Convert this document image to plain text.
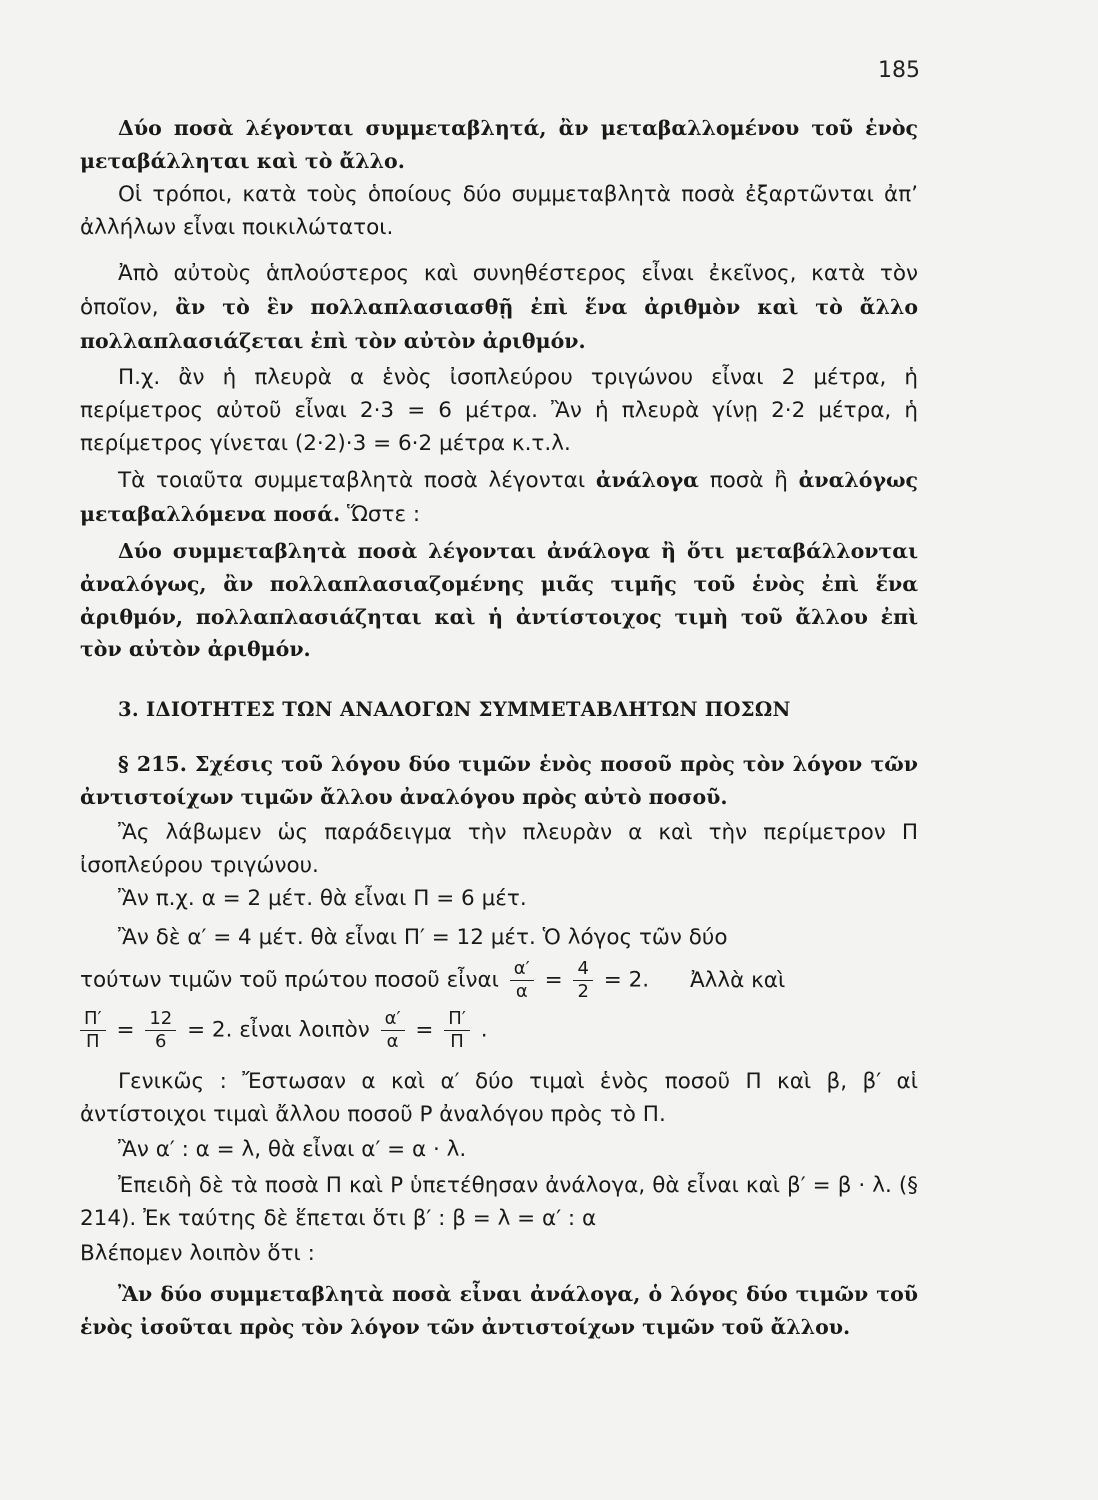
185
Δύο ποσὰ λέγονται συμμεταβλητά, ἂν μεταβαλλομένου τοῦ ἑνὸς μεταβάλληται καὶ τὸ ἄλλο.
Οἱ τρόποι, κατὰ τοὺς ὁποίους δύο συμμεταβλητὰ ποσὰ ἐξαρτῶνται ἀπ’ ἀλλήλων εἶναι ποικιλώτατοι.
Ἀπὸ αὐτοὺς ἁπλούστερος καὶ συνηθέστερος εἶναι ἐκεῖνος, κατὰ τὸν ὁποῖον, ἂν τὸ ἓν πολλαπλασιασθῇ ἐπὶ ἕνα ἀριθμὸν καὶ τὸ ἄλλο πολλαπλασιάζεται ἐπὶ τὸν αὐτὸν ἀριθμόν.
Π.χ. ἂν ἡ πλευρὰ α ἑνὸς ἰσοπλεύρου τριγώνου εἶναι 2 μέτρα, ἡ περίμετρος αὐτοῦ εἶναι 2·3 = 6 μέτρα. Ἂν ἡ πλευρὰ γίνῃ 2·2 μέτρα, ἡ περίμετρος γίνεται (2·2)·3 = 6·2 μέτρα κ.τ.λ.
Τὰ τοιαῦτα συμμεταβλητὰ ποσὰ λέγονται ἀνάλογα ποσὰ ἢ ἀναλόγως μεταβαλλόμενα ποσά. Ὥστε :
Δύο συμμεταβλητὰ ποσὰ λέγονται ἀνάλογα ἢ ὅτι μεταβάλλονται ἀναλόγως, ἂν πολλαπλασιαζομένης μιᾶς τιμῆς τοῦ ἑνὸς ἐπὶ ἕνα ἀριθμόν, πολλαπλασιάζηται καὶ ἡ ἀντίστοιχος τιμὴ τοῦ ἄλλου ἐπὶ τὸν αὐτὸν ἀριθμόν.
3. ΙΔΙΟΤΗΤΕΣ ΤΩΝ ΑΝΑΛΟΓΩΝ ΣΥΜΜΕΤΑΒΛΗΤΩΝ ΠΟΣΩΝ
§ 215. Σχέσις τοῦ λόγου δύο τιμῶν ἑνὸς ποσοῦ πρὸς τὸν λόγον τῶν ἀντιστοίχων τιμῶν ἄλλου ἀναλόγου πρὸς αὐτὸ ποσοῦ.
Ἂς λάβωμεν ὡς παράδειγμα τὴν πλευρὰν α καὶ τὴν περίμετρον Π ἰσοπλεύρου τριγώνου.
Ἂν π.χ. α = 2 μέτ. θὰ εἶναι Π = 6 μέτ.
Ἂν δὲ α′ = 4 μέτ. θὰ εἶναι Π′ = 12 μέτ. Ὁ λόγος τῶν δύο
τούτων τιμῶν τοῦ πρώτου ποσοῦ εἶναι $\frac{\alpha'}{\alpha} = \frac{4}{2} = 2$. Ἀλλὰ καὶ
$\frac{\Pi'}{\Pi} = \frac{12}{6} = 2$. εἶναι λοιπὸν $\frac{\alpha'}{\alpha} = \frac{\Pi'}{\Pi}$ .
Γενικῶς : Ἔστωσαν α καὶ α′ δύο τιμαὶ ἑνὸς ποσοῦ Π καὶ β, β′ αἱ ἀντίστοιχοι τιμαὶ ἄλλου ποσοῦ Ρ ἀναλόγου πρὸς τὸ Π.
Ἂν α′ : α = λ, θὰ εἶναι α′ = α · λ.
Ἐπειδὴ δὲ τὰ ποσὰ Π καὶ Ρ ὑπετέθησαν ἀνάλογα, θὰ εἶναι καὶ β′ = β · λ. (§ 214). Ἐκ ταύτης δὲ ἕπεται ὅτι β′ : β = λ = α′ : α
Βλέπομεν λοιπὸν ὅτι :
Ἂν δύο συμμεταβλητὰ ποσὰ εἶναι ἀνάλογα, ὁ λόγος δύο τιμῶν τοῦ ἑνὸς ἰσοῦται πρὸς τὸν λόγον τῶν ἀντιστοίχων τιμῶν τοῦ ἄλλου.
